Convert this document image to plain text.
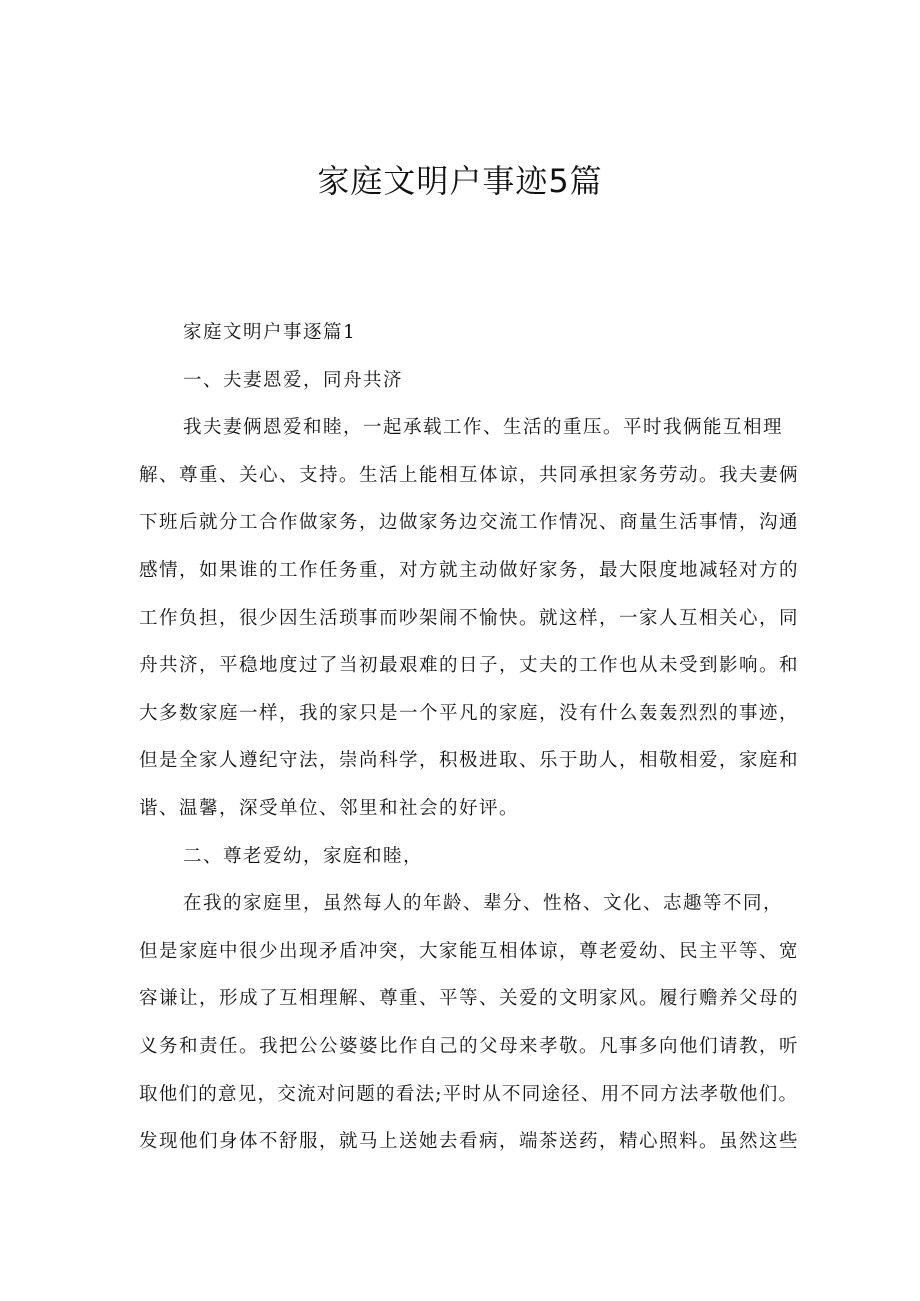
家庭文明户事迹5篇
家庭文明户事逐篇1
一、夫妻恩爱，同舟共济
我夫妻俩恩爱和睦，一起承载工作、生活的重压。平时我俩能互相理
解、尊重、关心、支持。生活上能相互体谅，共同承担家务劳动。我夫妻俩
下班后就分工合作做家务，边做家务边交流工作情况、商量生活事情，沟通
感情，如果谁的工作任务重，对方就主动做好家务，最大限度地减轻对方的
工作负担，很少因生活琐事而吵架闹不愉快。就这样，一家人互相关心，同
舟共济，平稳地度过了当初最艰难的日子，丈夫的工作也从未受到影响。和
大多数家庭一样，我的家只是一个平凡的家庭，没有什么轰轰烈烈的事迹，
但是全家人遵纪守法，崇尚科学，积极进取、乐于助人，相敬相爱，家庭和
谐、温馨，深受单位、邻里和社会的好评。
二、尊老爱幼，家庭和睦，
在我的家庭里，虽然每人的年龄、辈分、性格、文化、志趣等不同，
但是家庭中很少出现矛盾冲突，大家能互相体谅，尊老爱幼、民主平等、宽
容谦让，形成了互相理解、尊重、平等、关爱的文明家风。履行赡养父母的
义务和责任。我把公公婆婆比作自己的父母来孝敬。凡事多向他们请教，听
取他们的意见，交流对问题的看法;平时从不同途径、用不同方法孝敬他们。
发现他们身体不舒服，就马上送她去看病，端茶送药，精心照料。虽然这些
